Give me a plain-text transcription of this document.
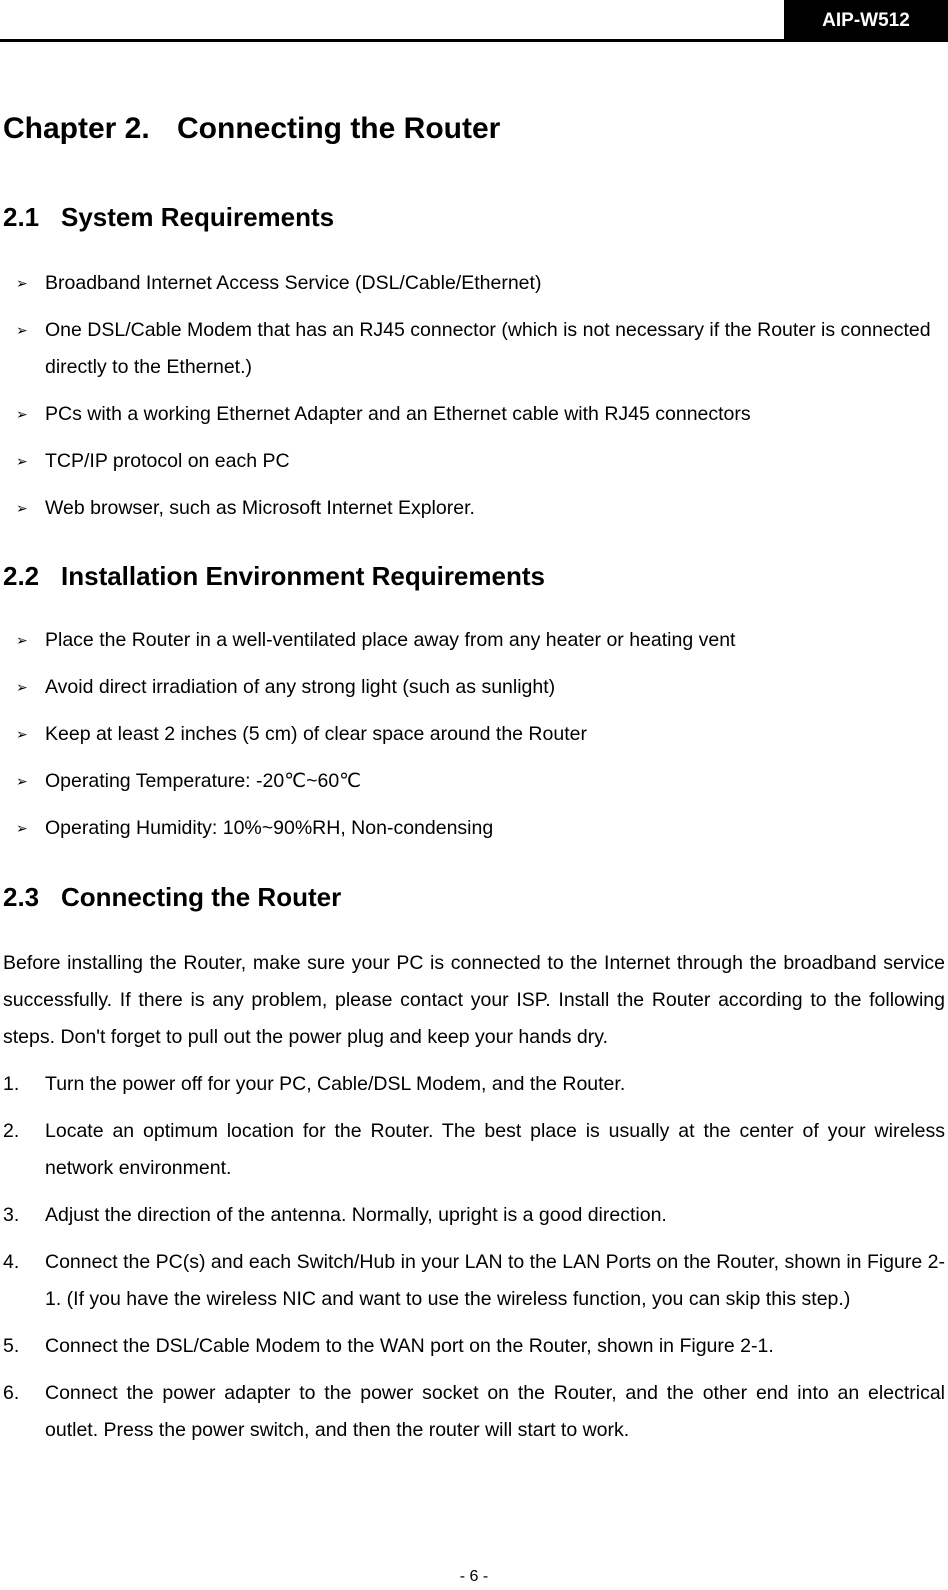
AIP-W512
Chapter 2. Connecting the Router
2.1 System Requirements
➢ Broadband Internet Access Service (DSL/Cable/Ethernet)
➢ One DSL/Cable Modem that has an RJ45 connector (which is not necessary if the Router is connected directly to the Ethernet.)
➢ PCs with a working Ethernet Adapter and an Ethernet cable with RJ45 connectors
➢ TCP/IP protocol on each PC
➢ Web browser, such as Microsoft Internet Explorer.
2.2 Installation Environment Requirements
➢ Place the Router in a well-ventilated place away from any heater or heating vent
➢ Avoid direct irradiation of any strong light (such as sunlight)
➢ Keep at least 2 inches (5 cm) of clear space around the Router
➢ Operating Temperature: -20℃~60℃
➢ Operating Humidity: 10%~90%RH, Non-condensing
2.3 Connecting the Router

Before installing the Router, make sure your PC is connected to the Internet through the broadband service successfully. If there is any problem, please contact your ISP. Install the Router according to the following steps. Don't forget to pull out the power plug and keep your hands dry.

1. Turn the power off for your PC, Cable/DSL Modem, and the Router.
2. Locate an optimum location for the Router. The best place is usually at the center of your wireless network environment.
3. Adjust the direction of the antenna. Normally, upright is a good direction.
4. Connect the PC(s) and each Switch/Hub in your LAN to the LAN Ports on the Router, shown in Figure 2-1. (If you have the wireless NIC and want to use the wireless function, you can skip this step.)
5. Connect the DSL/Cable Modem to the WAN port on the Router, shown in Figure 2-1.
6. Connect the power adapter to the power socket on the Router, and the other end into an electrical outlet. Press the power switch, and then the router will start to work.
- 6 -
